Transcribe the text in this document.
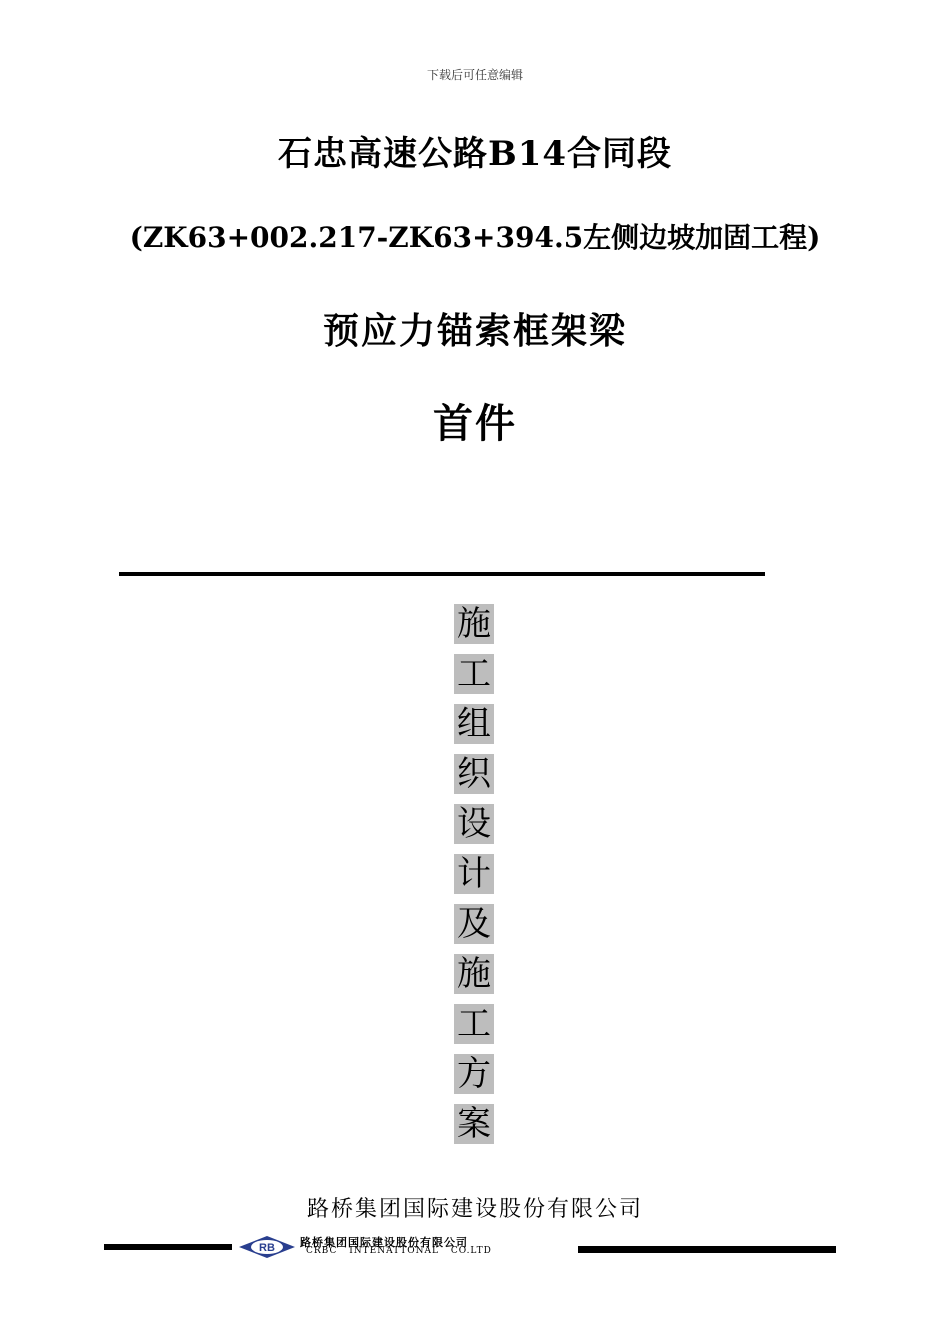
下载后可任意编辑
石忠高速公路B14合同段
(ZK63+002.217-ZK63+394.5左侧边坡加固工程)
预应力锚索框架梁
首件
施
工
组
织
设
计
及
施
工
方
案
路桥集团国际建设股份有限公司
RB 路桥集团国际建设股份有限公司
CRBC INTENATTONAL CO.LTD
